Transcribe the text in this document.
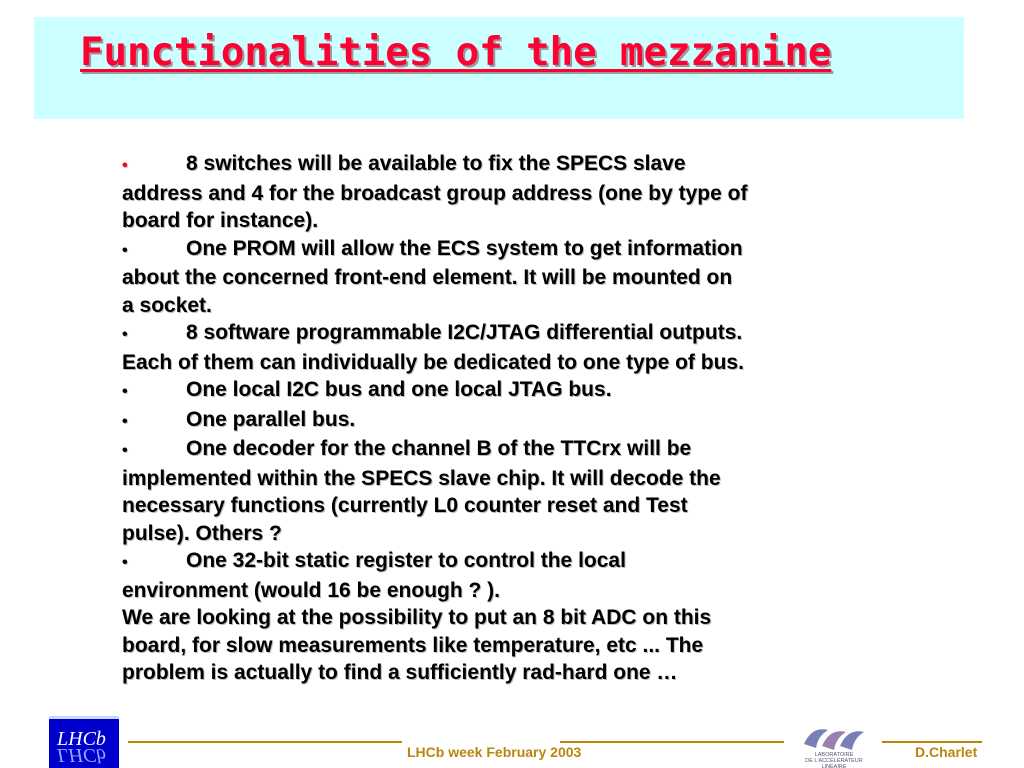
Functionalities of the mezzanine

•	8 switches will be available to fix the SPECS slave
address and 4 for the broadcast group address (one by type of
board for instance).

•	One PROM will allow the ECS system to get information
about the concerned front-end element. It will be mounted on
a socket.

•	8 software programmable I2C/JTAG differential outputs.
Each of them can individually be dedicated to one type of bus.

•	One local I2C bus and one local JTAG bus.

•	One parallel bus.

•	One decoder for the channel B of the TTCrx will be
implemented within the SPECS slave chip. It will decode the
necessary functions (currently L0 counter reset and Test
pulse). Others ?

•	One 32-bit static register to control the local
environment (would 16 be enough ? ).

We are looking at the possibility to put an 8 bit ADC on this
board, for slow measurements like temperature, etc ... The
problem is actually to find a sufficiently rad-hard one …

LHCb
LHCb	LHCb week February 2003	LABORATOIRE
DE L'ACCÉLÉRATEUR
LINÉAIRE
D.Charlet
